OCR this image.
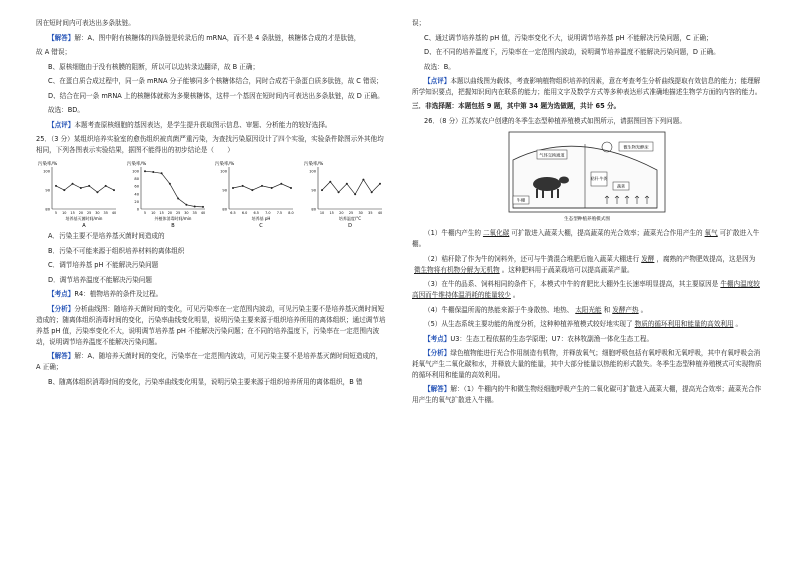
因在短时间内可表达出多条肽链。
【解答】解：A、图中附有核糖体的四条链是转录后的 mRNA，而不是 4 条肽链，核糖体合成的才是肽链，
故 A 错误；
B、原核细胞由于没有核膜的阻断，所以可以边转录边翻译，故 B 正确；
C、在蛋白质合成过程中，同一条 mRNA 分子能够同多个核糖体结合，同时合成若干条蛋白质多肽链，故 C 错误；
D、结合在同一条 mRNA 上的核糖体就称为多聚核糖体，这样一个基因在短时间内可表达出多条肽链，故 D 正确。
故选：BD。
【点评】本题考查原核细胞的基因表达，是学生提升获取图示信息、审题、分析能力的较好选择。
25．（3 分）某组织培养实验室的愈伤组织被真菌严重污染，为查找污染原因设计了四个实验，实验条件除图示外其他均相同，下列各图表示实验结果，据图不能得出的初步结论是（　　）
污染率/%
100
90
80
5 10 15 20 25 30 35 40
培养基灭菌时间/min
A
污染率/%
100
80
60
40
20
0
5 10 15 20 25 30 35 40
外植体消毒时间/min
B
污染率/%
100
90
80
6.5 6.0 6.5 7.0 7.5 8.0
培养基 pH
C
污染率/%
100
90
80
10 15 20 25 30 35 40
培养温度/°C
D
A．污染主要不是培养基灭菌时间造成的
B．污染不可能来源于组织培养材料的离体组织
C．调节培养基 pH 不能解决污染问题
D．调节培养温度不能解决污染问题
【考点】R4：植物培养的条件及过程。
【分析】分析曲线图：随培养天菌时间的变化，可见污染率在一定范围内波动，可见污染主要不是培养基灭菌时间短造成的；随离体组织消毒时间的变化，污染率曲线变化明显，说明污染主要来源于组织培养所用的离体组织；通过调节培养基 pH 值，污染率变化不大，说明调节培养基 pH 不能解决污染问题；在不同的培养温度下，污染率在一定范围内波动，说明调节培养温度不能解决污染问题。
【解答】解：A、随培养天菌时间的变化，污染率在一定范围内波动，可见污染主要不是培养基灭菌时间短造成的，A 正确；
B、随离体组织消毒时间的变化，污染率曲线变化明显，说明污染主要来源于组织培养所用的离体组织，B 错
误；
C、通过调节培养基的 pH 值，污染率变化不大，说明调节培养基 pH 不能解决污染问题，C 正确；
D、在不同的培养温度下，污染率在一定范围内波动，说明调节培养温度不能解决污染问题，D 正确。
故选：B。
【点评】本题以曲线图为载体，考查影响植物组织培养的因素，意在考查考生分析曲线提取有效信息的能力；能理解所学知识要点，把握知识间内在联系的能力；能用文字及数学方式等多种表达形式准确地描述生物学方面的内容的能力。
三．非选择题：本题包括 9 题，其中第 34 题为选做题，共计 65 分。
26．（8 分）江苏某农户创建的冬季生态型种植养殖模式如图所示，请据图回答下列问题。
气体交换通道
微生物发酵床
秸秆·牛粪
蔬菜
牛棚
生态型种植养殖模式图
（1）牛棚内产生的 二氧化碳 可扩散进入蔬菜大棚，提高蔬菜的光合效率；蔬菜光合作用产生的 氧气 可扩散进入牛棚。
（2）秸秆除了作为牛的饲料外，还可与牛粪混合堆肥后施入蔬菜大棚进行 发酵 ，腐熟的产物肥效提高，这是因为微生物将有机物分解为无机物 。这种肥料用于蔬菜栽培可以提高蔬菜产量。
（3）在牛的品系、饲料相同的条件下，本模式中牛的育肥比大棚外生长速率明显提高，其主要原因是 牛棚内温度较高因而牛维持体温消耗的能量较少 。
（4）牛棚保温所需的热能来源于牛身散热、地热、 太阳光能 和 发酵产热 。
（5）从生态系统主要功能的角度分析，这种种植养殖模式较好地实现了 物质的循环利用和能量的高效利用 。
【考点】U3：生态工程依据的生态学原理；U7：农林牧副渔一体化生态工程。
【分析】绿色植物能进行光合作用制造有机物，并释放氧气；细胞呼吸包括有氧呼吸和无氧呼吸，其中有氧呼吸会消耗氧气产生二氧化碳和水，并释放大量的能量，其中大部分能量以热能的形式散失。冬季生态型种植养殖模式可实现物质的循环利用和能量的高效利用。
【解答】解：（1）牛棚内的牛和微生物经细胞呼吸产生的二氧化碳可扩散进入蔬菜大棚，提高光合效率；蔬菜光合作用产生的氧气扩散进入牛棚。
